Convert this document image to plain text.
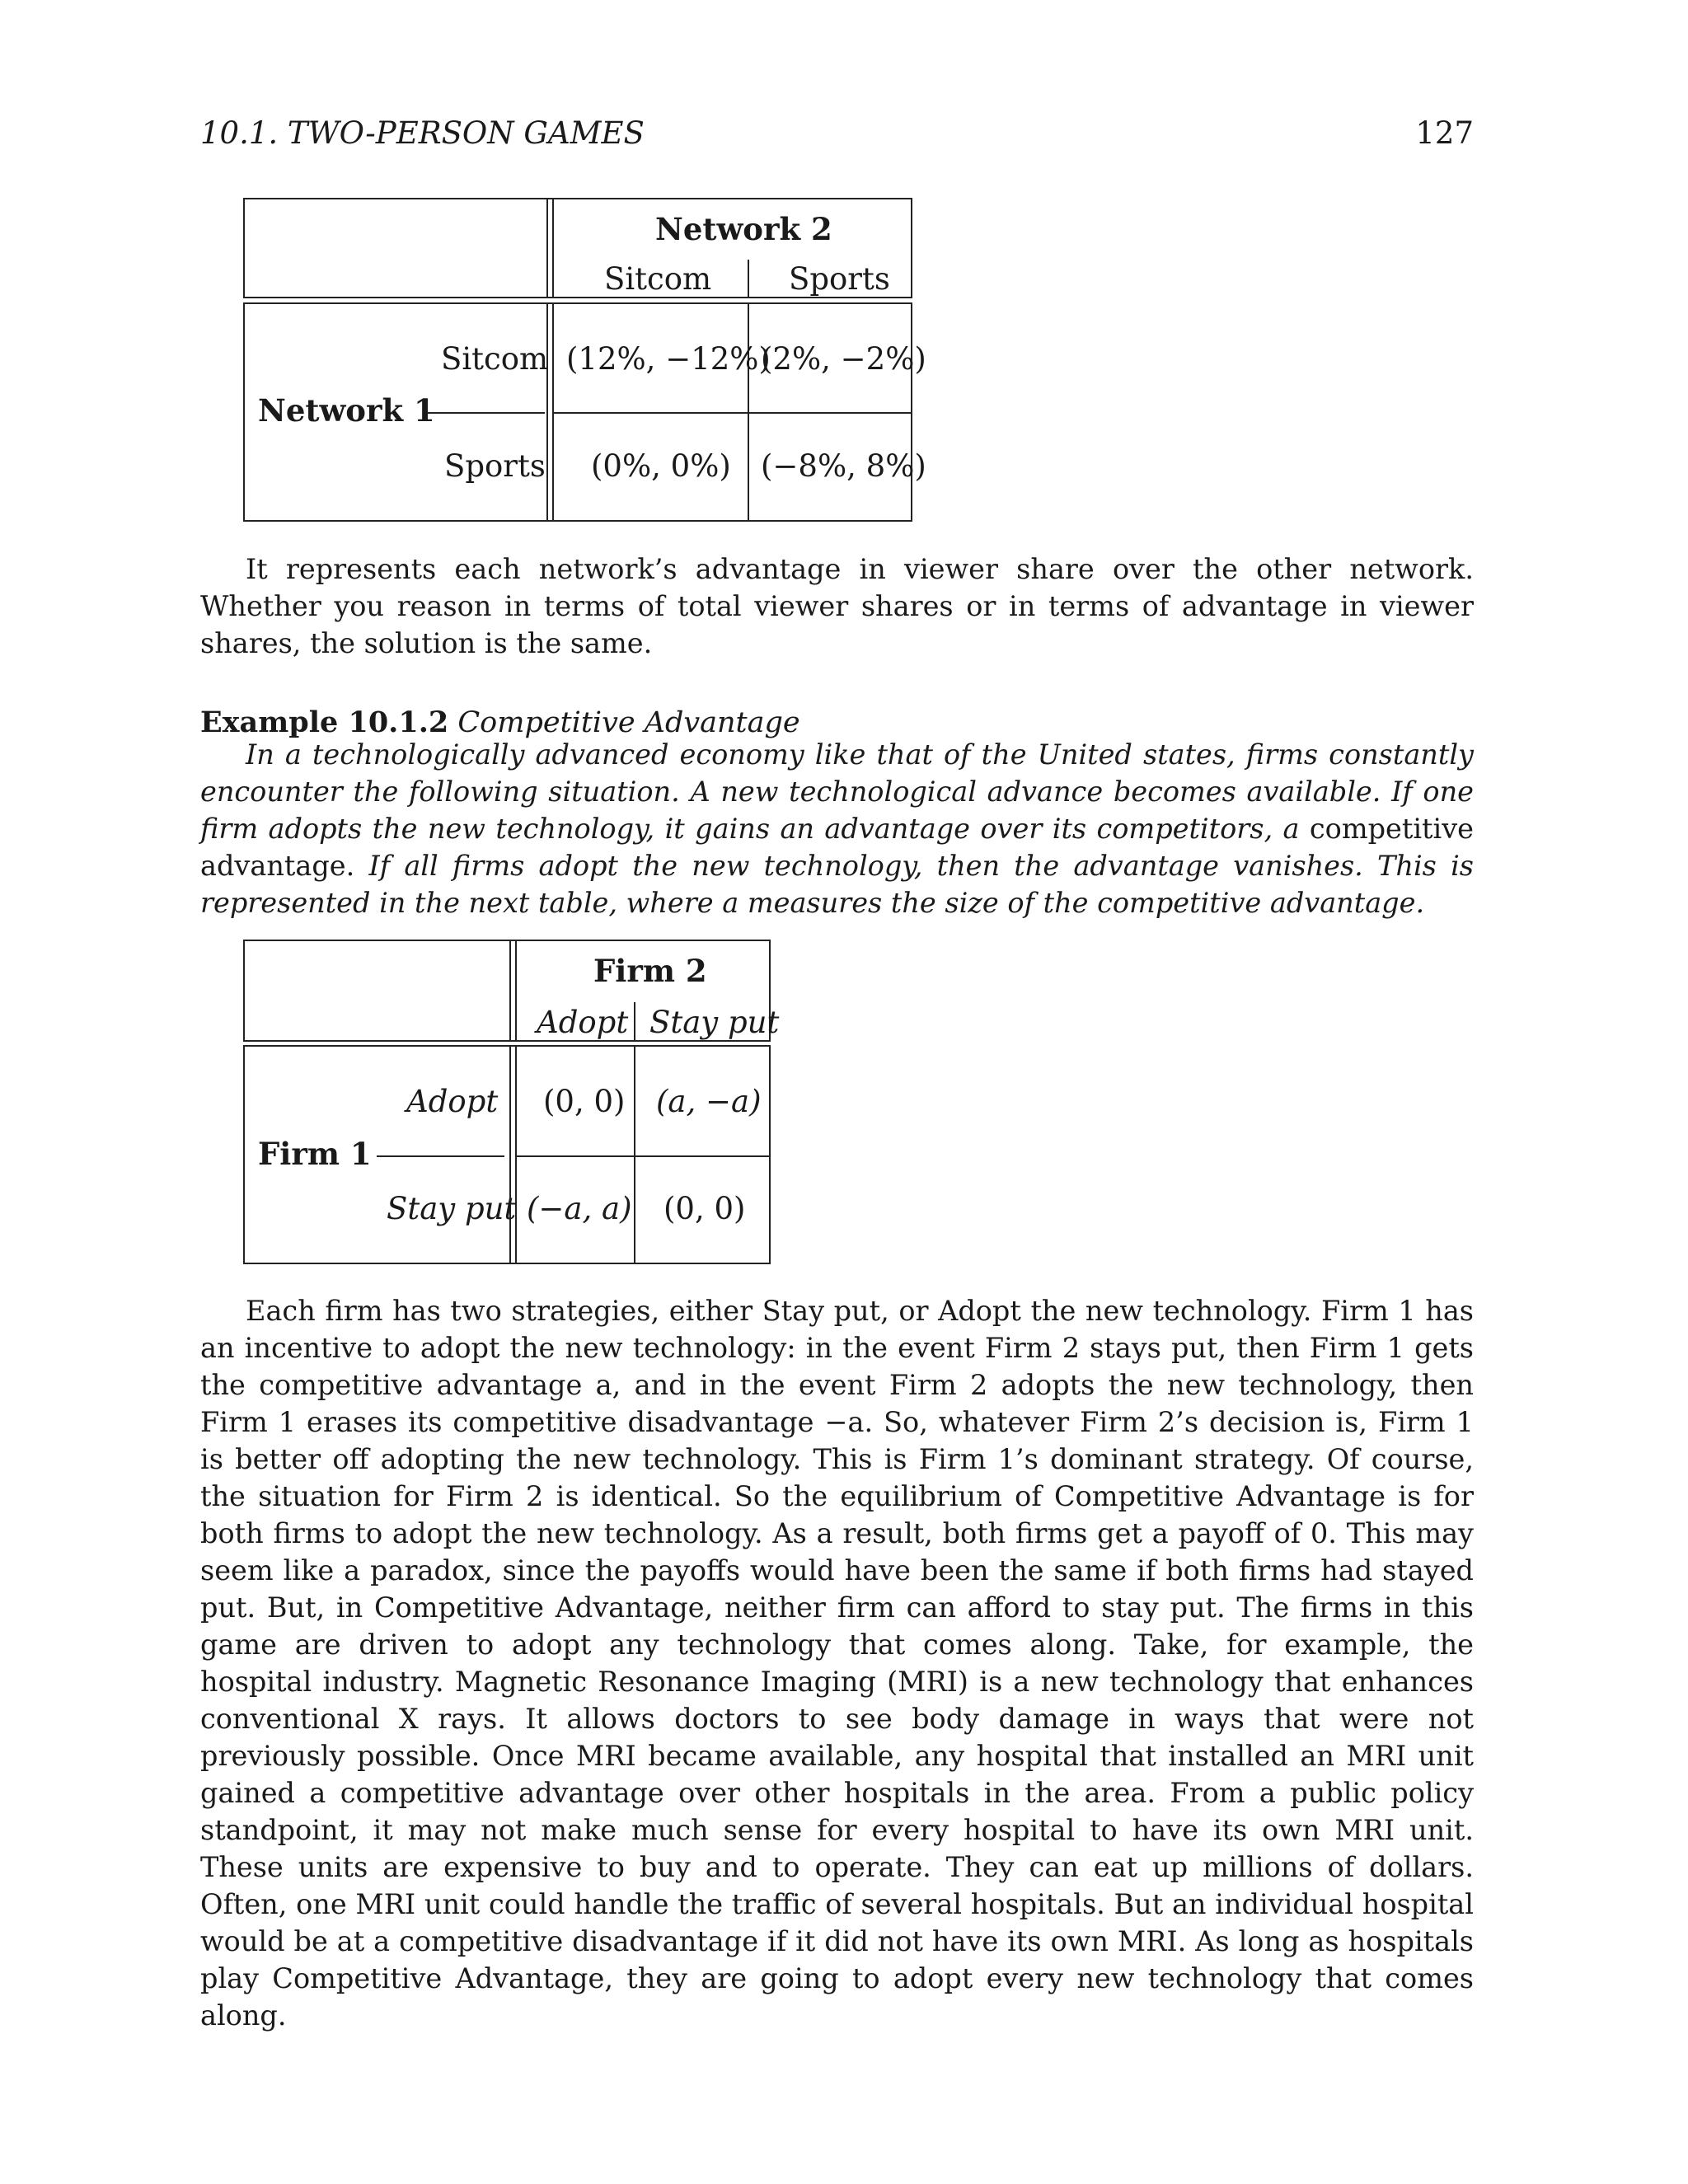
10.1. TWO-PERSON GAMES	127
Network 2
Sitcom	Sports
Network 1
Sitcom
Sports
(12%, −12%)
(2%, −2%)
(0%, 0%) (−8%, 8%)

It represents each network’s advantage in viewer share over the other network. Whether you reason in terms of total viewer shares or in terms of advantage in viewer shares, the solution is the same.

Example 10.1.2 Competitive Advantage

In a technologically advanced economy like that of the United states, firms constantly encounter the following situation. A new technological advance becomes available. If one firm adopts the new technology, it gains an advantage over its competitors, a competitive advantage. If all firms adopt the new technology, then the advantage vanishes. This is represented in the next table, where a measures the size of the competitive advantage.

Firm 2
Adopt Stay put
Firm 1
Adopt
Stay put
(0, 0) (a, −a)
(−a, a) (0, 0)

Each firm has two strategies, either Stay put, or Adopt the new technology. Firm 1 has an incentive to adopt the new technology: in the event Firm 2 stays put, then Firm 1 gets the competitive advantage a, and in the event Firm 2 adopts the new technology, then Firm 1 erases its competitive disadvantage −a. So, whatever Firm 2’s decision is, Firm 1 is better off adopting the new technology. This is Firm 1’s dominant strategy. Of course, the situation for Firm 2 is identical. So the equilibrium of Competitive Advantage is for both firms to adopt the new technology. As a result, both firms get a payoff of 0. This may seem like a paradox, since the payoffs would have been the same if both firms had stayed put. But, in Competitive Advantage, neither firm can afford to stay put. The firms in this game are driven to adopt any technology that comes along. Take, for example, the hospital industry. Magnetic Resonance Imaging (MRI) is a new technology that enhances conventional X rays. It allows doctors to see body damage in ways that were not previously possible. Once MRI became available, any hospital that installed an MRI unit gained a competitive advantage over other hospitals in the area. From a public policy standpoint, it may not make much sense for every hospital to have its own MRI unit. These units are expensive to buy and to operate. They can eat up millions of dollars. Often, one MRI unit could handle the traffic of several hospitals. But an individual hospital would be at a competitive disadvantage if it did not have its own MRI. As long as hospitals play Competitive Advantage, they are going to adopt every new technology that comes along.
